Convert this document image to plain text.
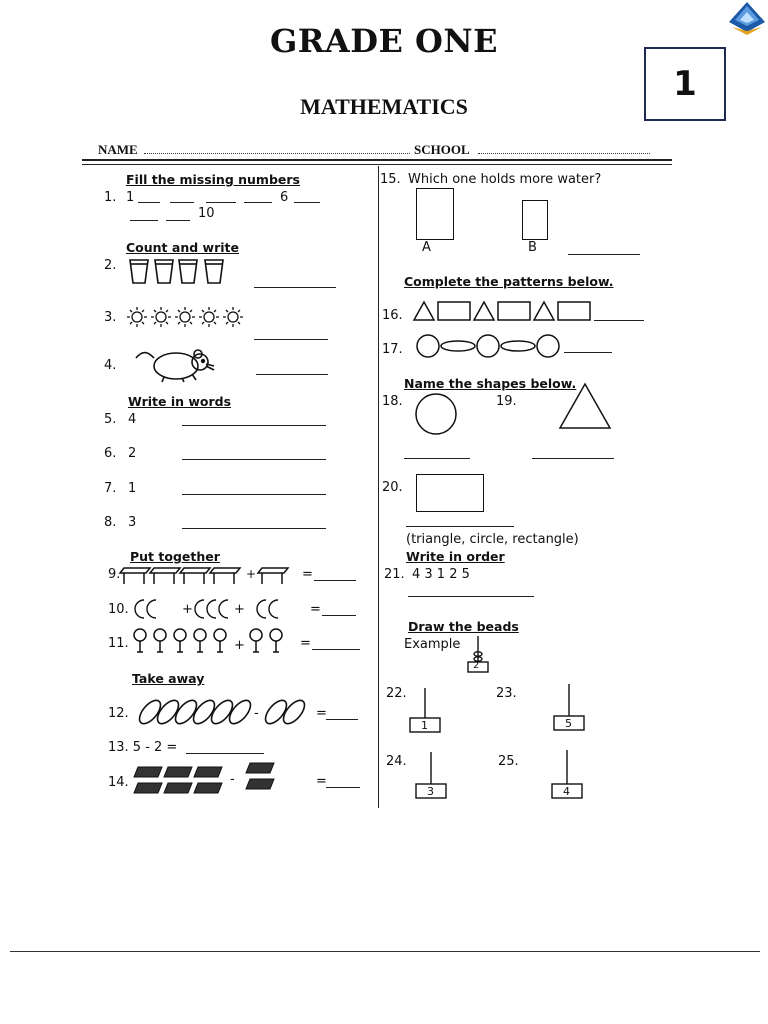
GRADE ONE
MATHEMATICS
1
NAME	SCHOOL
Fill the missing numbers
1. 1	6
10
Count and write
2.
3.
4.
Write in words
5. 4
6. 2
7. 1
8. 3
Put together
9.	+	=
10.	+	+	=
11.	+	=
Take away
12.	-	=
13. 5 - 2 =
14.	-	=
15. Which one holds more water?
A	B
Complete the patterns below.
16.
17.
Name the shapes below.
18.	19.
20.
(triangle, circle, rectangle)
Write in order
21. 4 3 1 2 5
Draw the beads
Example
2
22.
1
23.
5
24.
3
25.
4
